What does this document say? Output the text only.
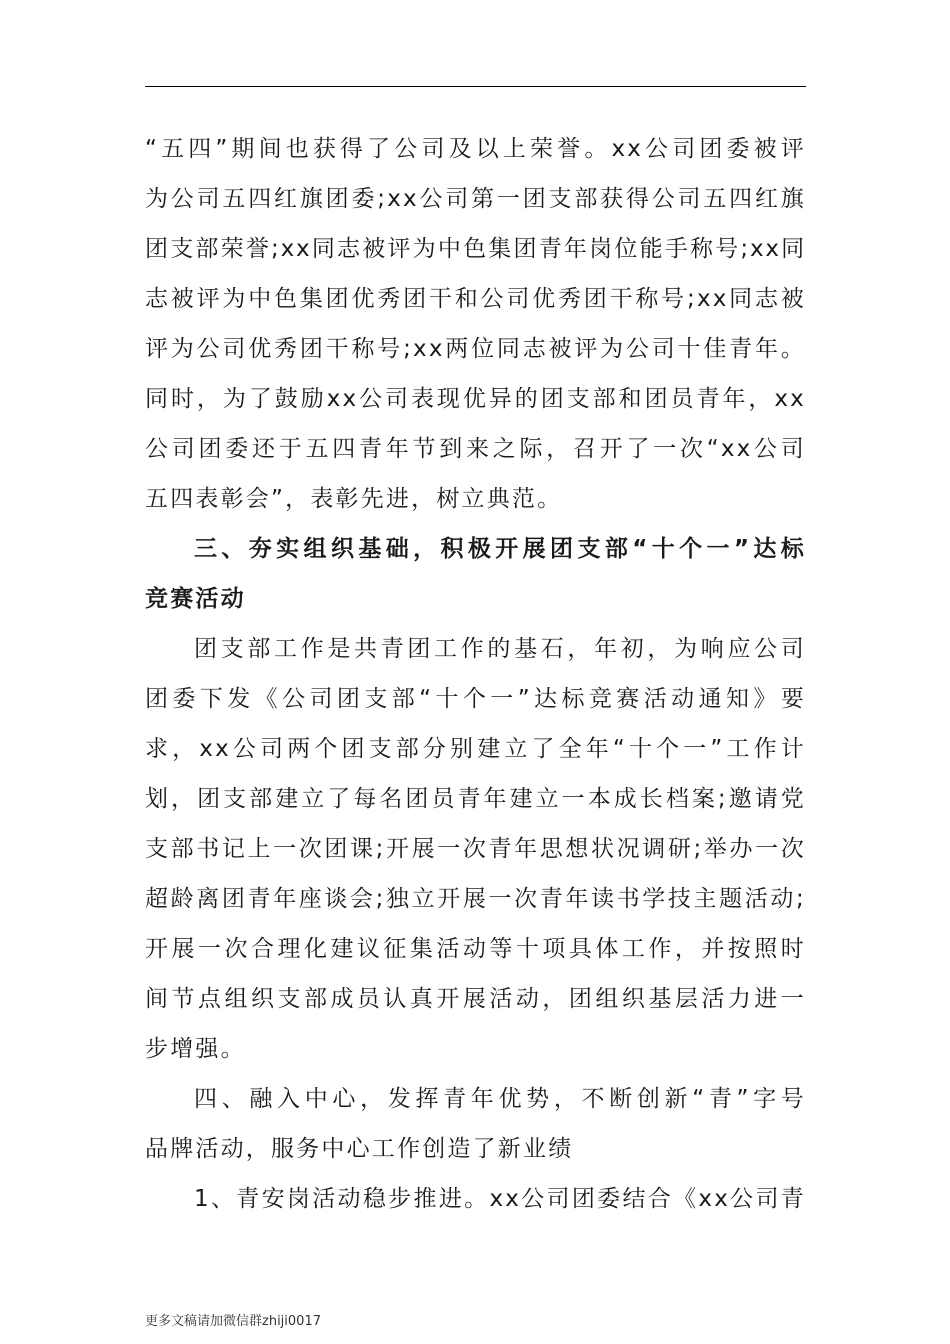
“五四”期间也获得了公司及以上荣誉。xx公司团委被评
为公司五四红旗团委;xx公司第一团支部获得公司五四红旗
团支部荣誉;xx同志被评为中色集团青年岗位能手称号;xx同
志被评为中色集团优秀团干和公司优秀团干称号;xx同志被
评为公司优秀团干称号;xx两位同志被评为公司十佳青年。
同时，为了鼓励xx公司表现优异的团支部和团员青年，xx
公司团委还于五四青年节到来之际，召开了一次“xx公司
五四表彰会”，表彰先进，树立典范。
三、夯实组织基础，积极开展团支部“十个一”达标
竞赛活动
团支部工作是共青团工作的基石，年初，为响应公司
团委下发《公司团支部“十个一”达标竞赛活动通知》要
求，xx公司两个团支部分别建立了全年“十个一”工作计
划，团支部建立了每名团员青年建立一本成长档案;邀请党
支部书记上一次团课;开展一次青年思想状况调研;举办一次
超龄离团青年座谈会;独立开展一次青年读书学技主题活动;
开展一次合理化建议征集活动等十项具体工作，并按照时
间节点组织支部成员认真开展活动，团组织基层活力进一
步增强。
四、融入中心，发挥青年优势，不断创新“青”字号
品牌活动，服务中心工作创造了新业绩
1、青安岗活动稳步推进。xx公司团委结合《xx公司青
更多文稿请加微信群zhiji0017
